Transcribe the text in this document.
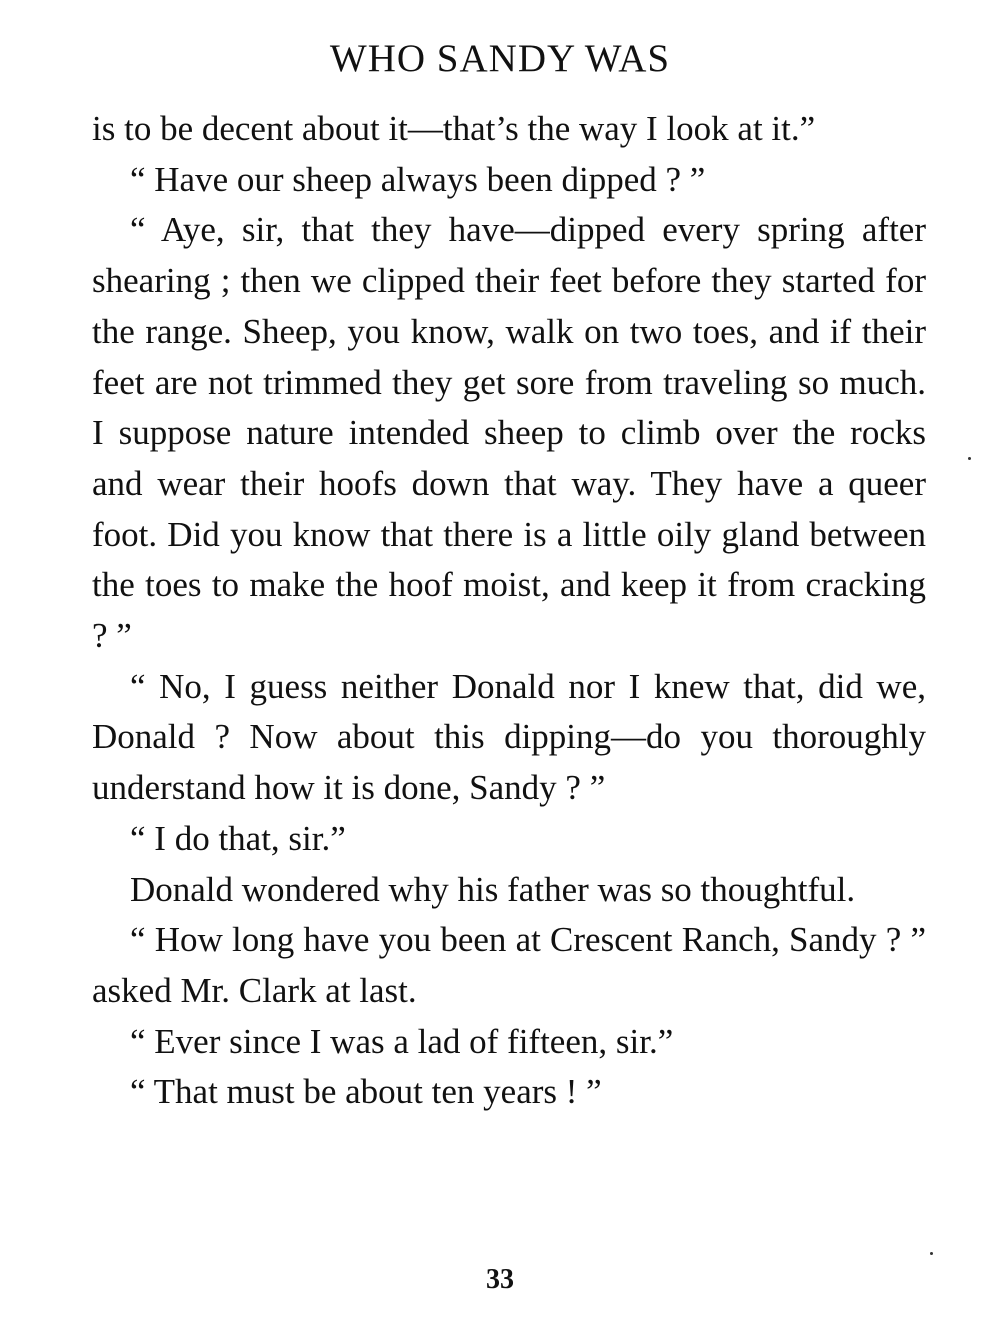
WHO SANDY WAS

is to be decent about it—that’s the way I look at it.”

“ Have our sheep always been dipped ? ”

“ Aye, sir, that they have—dipped every spring after shearing ; then we clipped their feet before they started for the range. Sheep, you know, walk on two toes, and if their feet are not trimmed they get sore from traveling so much. I suppose nature intended sheep to climb over the rocks and wear their hoofs down that way. They have a queer foot. Did you know that there is a little oily gland between the toes to make the hoof moist, and keep it from cracking ? ”

“ No, I guess neither Donald nor I knew that, did we, Donald ? Now about this dipping—do you thoroughly understand how it is done, Sandy ? ”

“ I do that, sir.”

Donald wondered why his father was so thoughtful.

“ How long have you been at Crescent Ranch, Sandy ? ” asked Mr. Clark at last.

“ Ever since I was a lad of fifteen, sir.”

“ That must be about ten years ! ”

33
